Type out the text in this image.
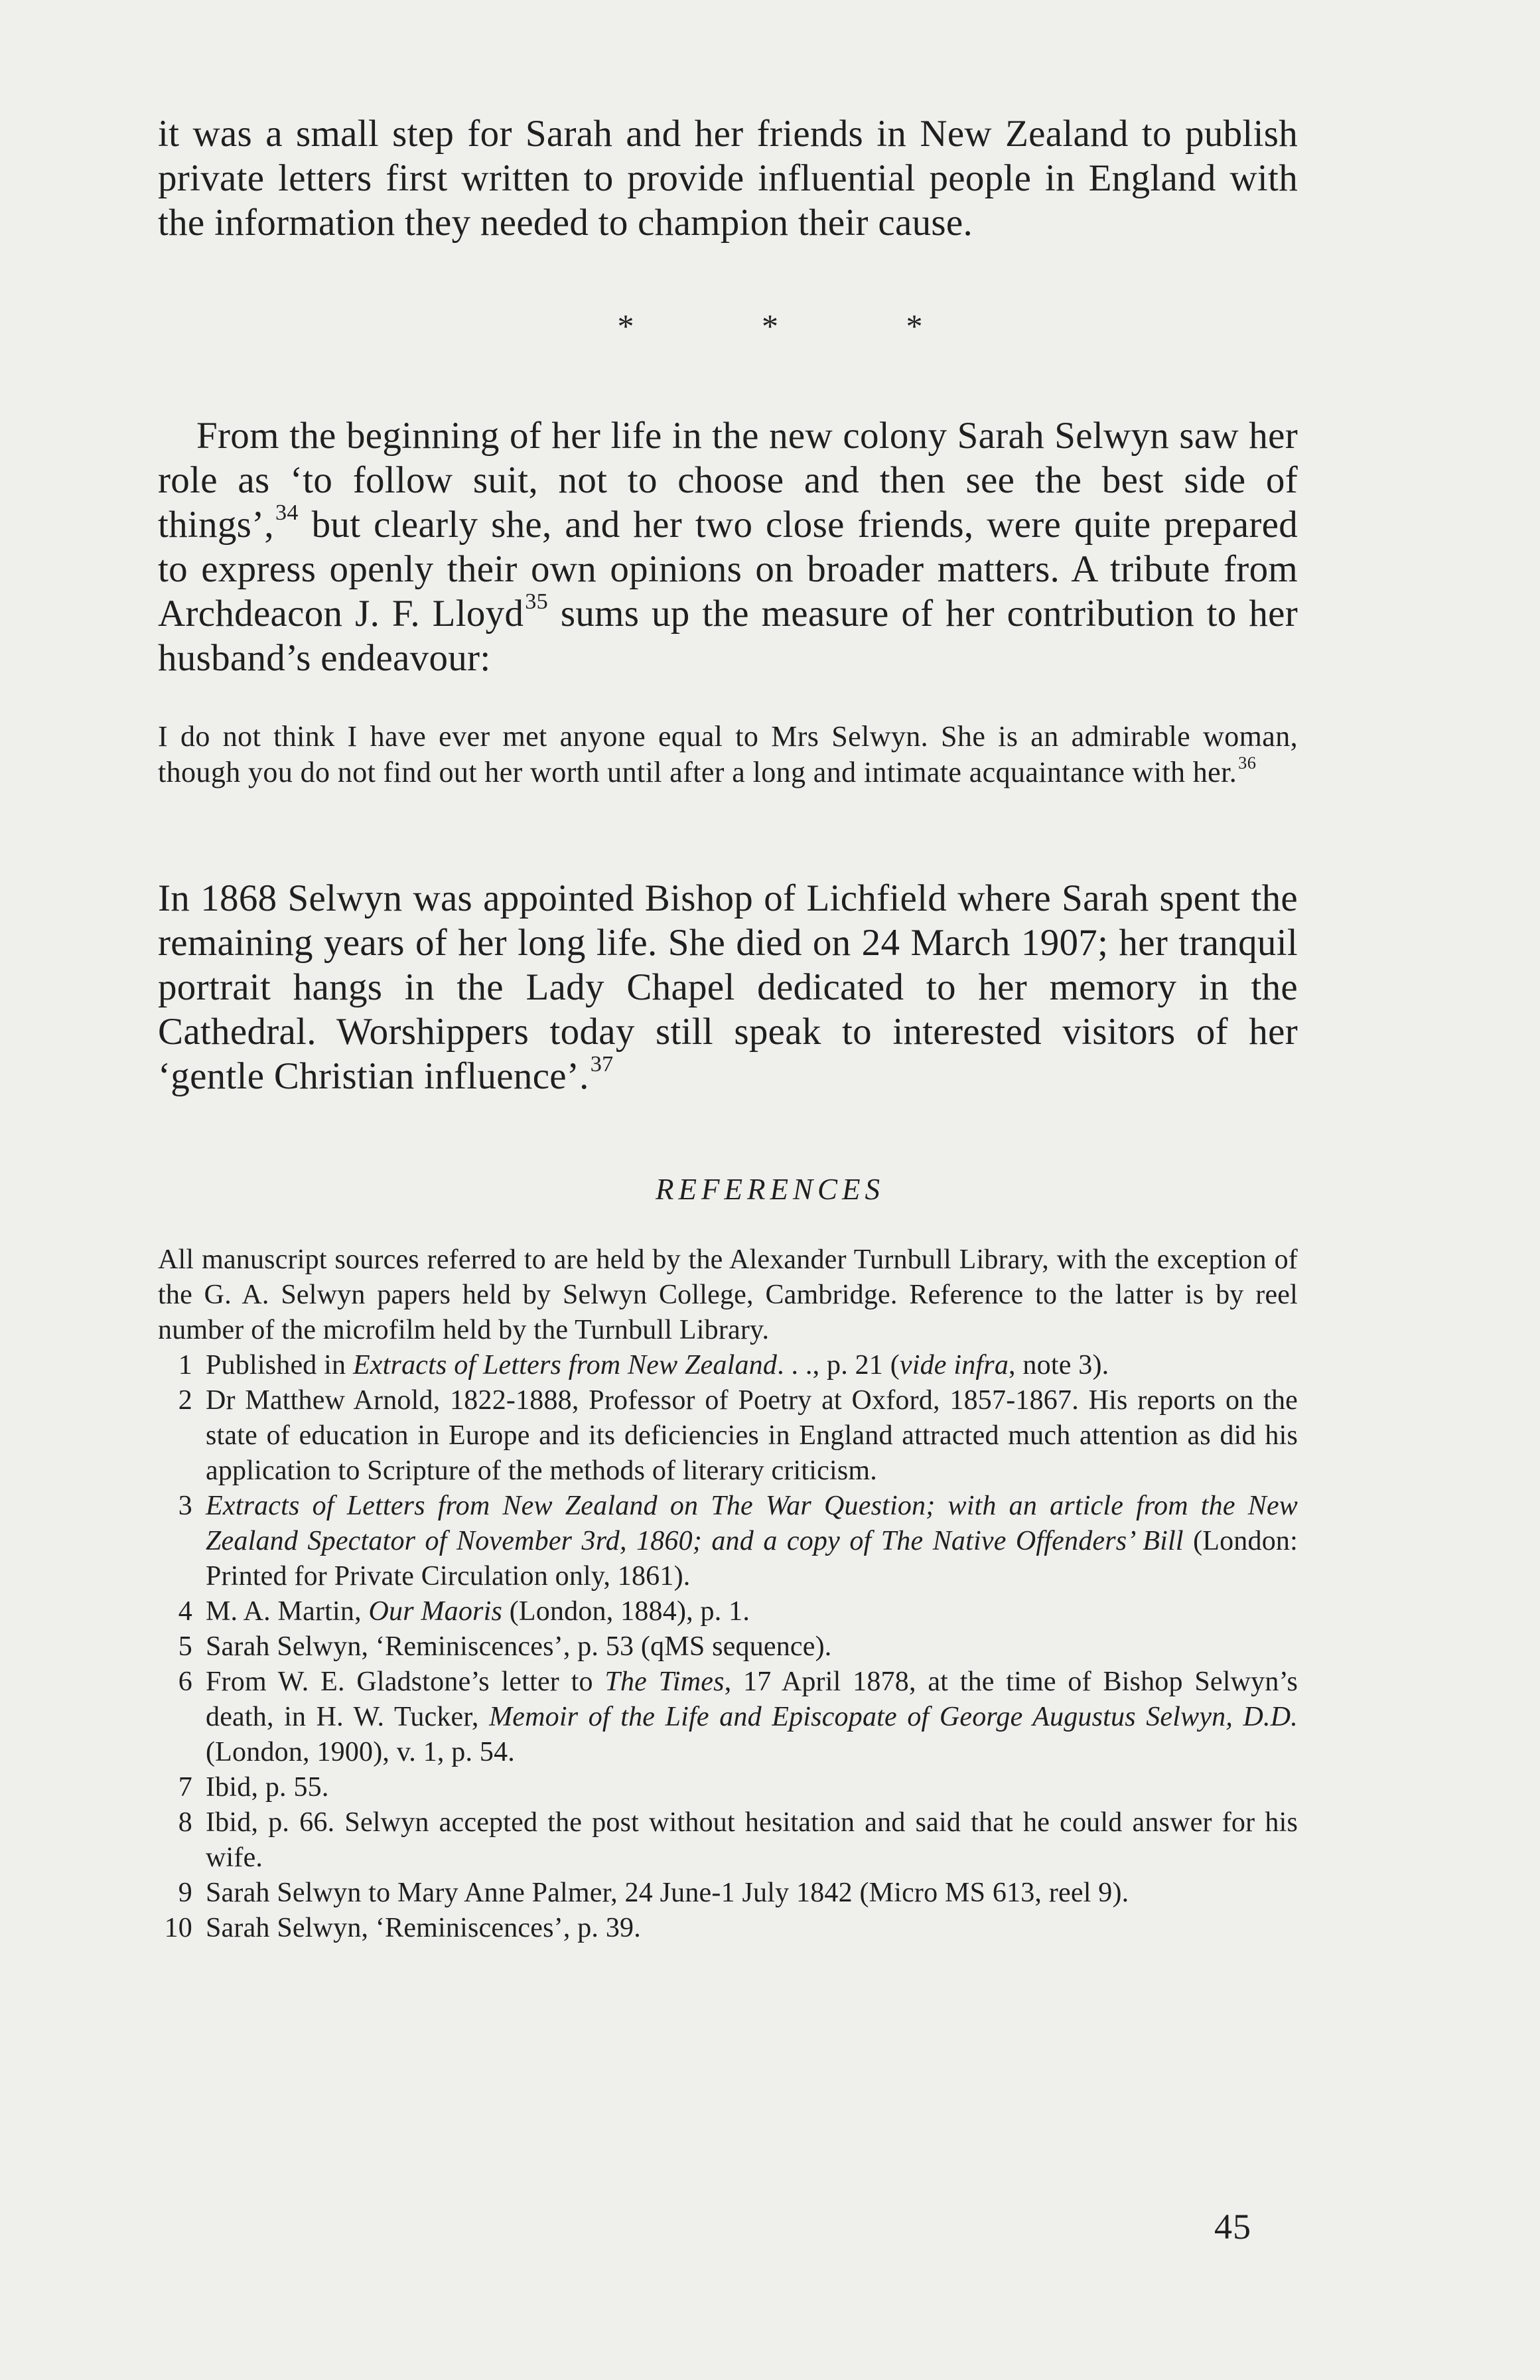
it was a small step for Sarah and her friends in New Zealand to publish private letters first written to provide influential people in England with the information they needed to champion their cause.

* * *

From the beginning of her life in the new colony Sarah Selwyn saw her role as ‘to follow suit, not to choose and then see the best side of things’,$^{34}$ but clearly she, and her two close friends, were quite prepared to express openly their own opinions on broader matters. A tribute from Archdeacon J. F. Lloyd$^{35}$ sums up the measure of her contribution to her husband’s endeavour:

I do not think I have ever met anyone equal to Mrs Selwyn. She is an admirable woman, though you do not find out her worth until after a long and intimate acquaintance with her.$^{36}$

In 1868 Selwyn was appointed Bishop of Lichfield where Sarah spent the remaining years of her long life. She died on 24 March 1907; her tranquil portrait hangs in the Lady Chapel dedicated to her memory in the Cathedral. Worshippers today still speak to interested visitors of her ‘gentle Christian influence’.$^{37}$

REFERENCES

All manuscript sources referred to are held by the Alexander Turnbull Library, with the exception of the G. A. Selwyn papers held by Selwyn College, Cambridge. Reference to the latter is by reel number of the microfilm held by the Turnbull Library.

1 Published in Extracts of Letters from New Zealand. . ., p. 21 (vide infra, note 3).
2 Dr Matthew Arnold, 1822-1888, Professor of Poetry at Oxford, 1857-1867. His reports on the state of education in Europe and its deficiencies in England attracted much attention as did his application to Scripture of the methods of literary criticism.
3 Extracts of Letters from New Zealand on The War Question; with an article from the New Zealand Spectator of November 3rd, 1860; and a copy of The Native Offenders’ Bill (London: Printed for Private Circulation only, 1861).
4 M. A. Martin, Our Maoris (London, 1884), p. 1.
5 Sarah Selwyn, ‘Reminiscences’, p. 53 (qMS sequence).
6 From W. E. Gladstone’s letter to The Times, 17 April 1878, at the time of Bishop Selwyn’s death, in H. W. Tucker, Memoir of the Life and Episcopate of George Augustus Selwyn, D.D. (London, 1900), v. 1, p. 54.
7 Ibid, p. 55.
8 Ibid, p. 66. Selwyn accepted the post without hesitation and said that he could answer for his wife.
9 Sarah Selwyn to Mary Anne Palmer, 24 June-1 July 1842 (Micro MS 613, reel 9).
10 Sarah Selwyn, ‘Reminiscences’, p. 39.
45
